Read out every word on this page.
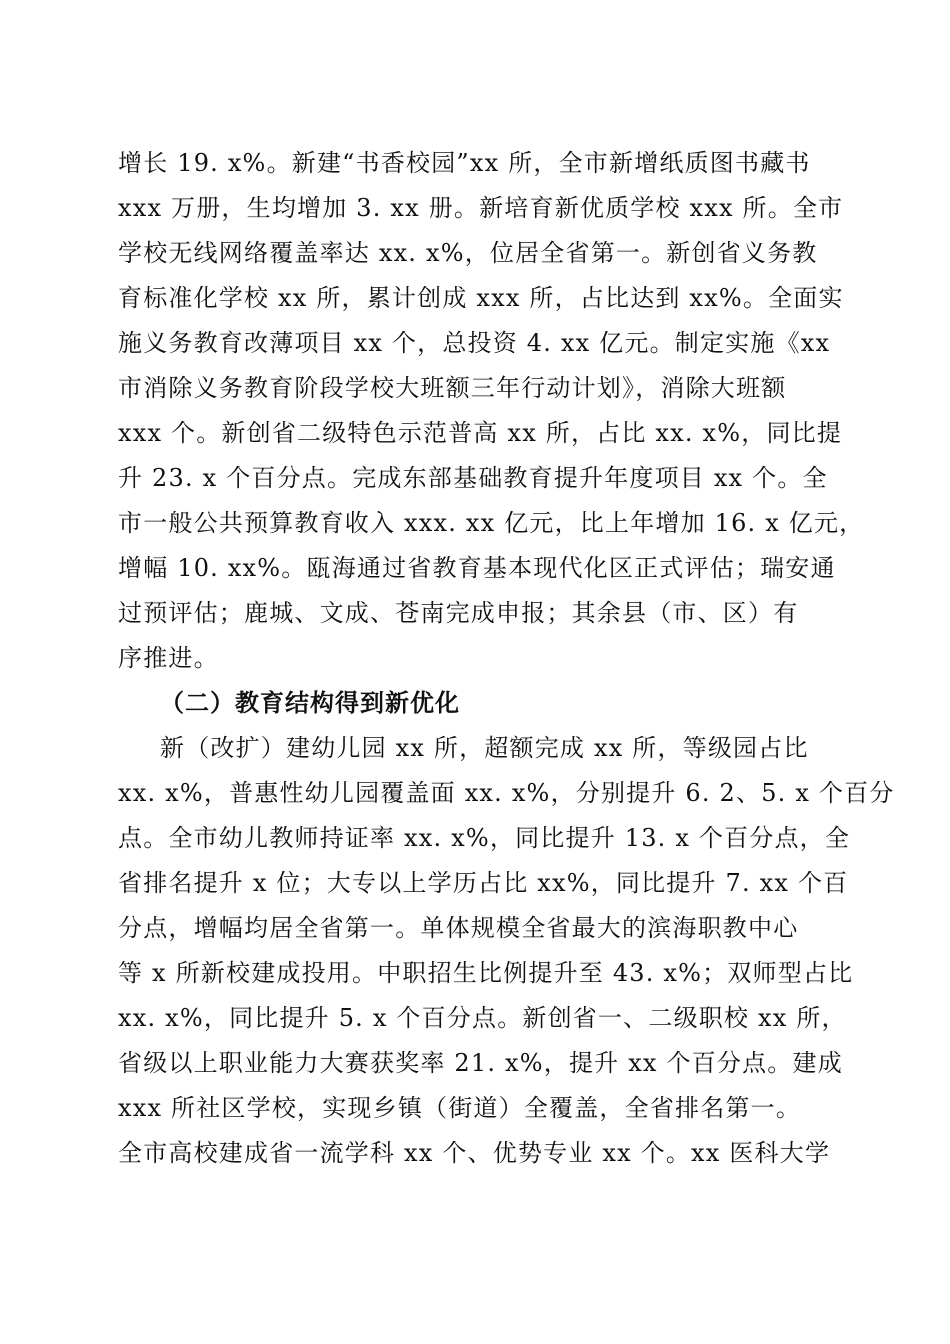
增长 19. x%。新建“书香校园”xx 所，全市新增纸质图书藏书
xxx 万册，生均增加 3. xx 册。新培育新优质学校 xxx 所。全市
学校无线网络覆盖率达 xx. x%，位居全省第一。新创省义务教
育标准化学校 xx 所，累计创成 xxx 所，占比达到 xx%。全面实
施义务教育改薄项目 xx 个，总投资 4. xx 亿元。制定实施《xx
市消除义务教育阶段学校大班额三年行动计划》，消除大班额
xxx 个。新创省二级特色示范普高 xx 所，占比 xx. x%，同比提
升 23. x 个百分点。完成东部基础教育提升年度项目 xx 个。全
市一般公共预算教育收入 xxx. xx 亿元，比上年增加 16. x 亿元，
增幅 10. xx%。瓯海通过省教育基本现代化区正式评估；瑞安通
过预评估；鹿城、文成、苍南完成申报；其余县（市、区）有
序推进。
（二）教育结构得到新优化
新（改扩）建幼儿园 xx 所，超额完成 xx 所，等级园占比
xx. x%，普惠性幼儿园覆盖面 xx. x%，分别提升 6. 2、5. x 个百分
点。全市幼儿教师持证率 xx. x%，同比提升 13. x 个百分点，全
省排名提升 x 位；大专以上学历占比 xx%，同比提升 7. xx 个百
分点，增幅均居全省第一。单体规模全省最大的滨海职教中心
等 x 所新校建成投用。中职招生比例提升至 43. x%；双师型占比
xx. x%，同比提升 5. x 个百分点。新创省一、二级职校 xx 所，
省级以上职业能力大赛获奖率 21. x%，提升 xx 个百分点。建成
xxx 所社区学校，实现乡镇（街道）全覆盖，全省排名第一。
全市高校建成省一流学科 xx 个、优势专业 xx 个。xx 医科大学
